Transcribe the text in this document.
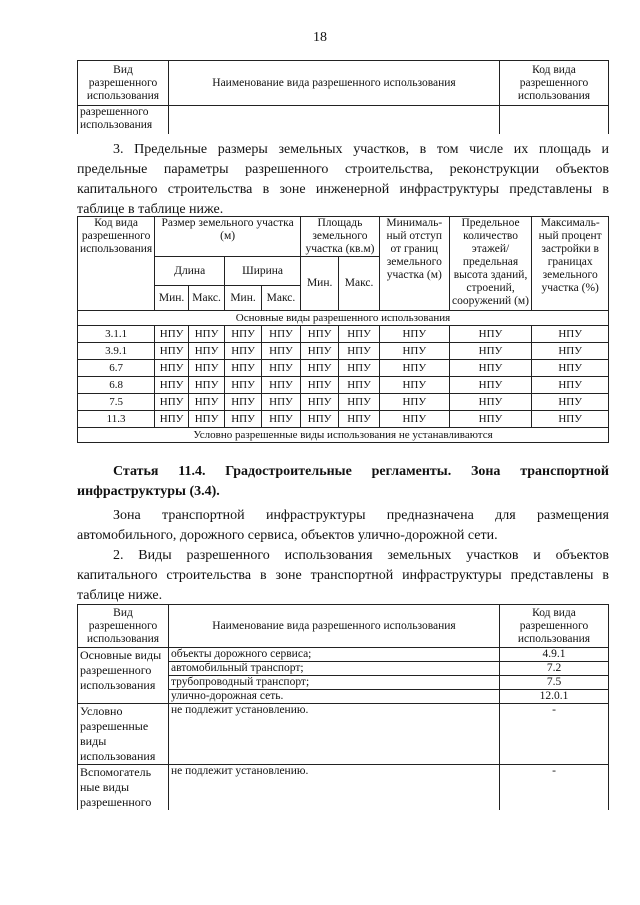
18
Вид разрешенного использования	Наименование вида разрешенного использования	Код вида разрешенного использования
разрешенного использования		
3. Предельные размеры земельных участков, в том числе их площадь и предельные параметры разрешенного строительства, реконструкции объектов капитального строительства в зоне инженерной инфраструктуры представлены в таблице в таблице ниже.
Код вида разрешенного использования	Размер земельного участка (м)				Площадь земельного участка (кв.м)		Минималь-ный отступ от границ земельного участка (м)	Предельное количество этажей/ предельная высота зданий, строений, сооружений (м)	Максималь-ный процент застройки в границах земельного участка (%)
	Длина		Ширина		Мин.	Макс.			
	Мин.	Макс.	Мин.	Макс.					
Основные виды разрешенного использования									
3.1.1	НПУ	НПУ	НПУ	НПУ	НПУ	НПУ	НПУ	НПУ	НПУ
3.9.1	НПУ	НПУ	НПУ	НПУ	НПУ	НПУ	НПУ	НПУ	НПУ
6.7	НПУ	НПУ	НПУ	НПУ	НПУ	НПУ	НПУ	НПУ	НПУ
6.8	НПУ	НПУ	НПУ	НПУ	НПУ	НПУ	НПУ	НПУ	НПУ
7.5	НПУ	НПУ	НПУ	НПУ	НПУ	НПУ	НПУ	НПУ	НПУ
11.3	НПУ	НПУ	НПУ	НПУ	НПУ	НПУ	НПУ	НПУ	НПУ
Условно разрешенные виды использования не устанавливаются									
Статья 11.4. Градостроительные регламенты. Зона транспортной
инфраструктуры (3.4).
Зона транспортной инфраструктуры предназначена для размещения автомобильного, дорожного сервиса, объектов улично-дорожной сети.
2. Виды разрешенного использования земельных участков и объектов капитального строительства в зоне транспортной инфраструктуры представлены в таблице ниже.
Вид разрешенного использования	Наименование вида разрешенного использования	Код вида разрешенного использования
Основные виды разрешенного использования	объекты дорожного сервиса;	4.9.1
	автомобильный транспорт;	7.2
	трубопроводный транспорт;	7.5
	улично-дорожная сеть.	12.0.1
Условно разрешенные виды использования	не подлежит установлению.	-
Вспомогатель ные виды разрешенного	не подлежит установлению.	-
